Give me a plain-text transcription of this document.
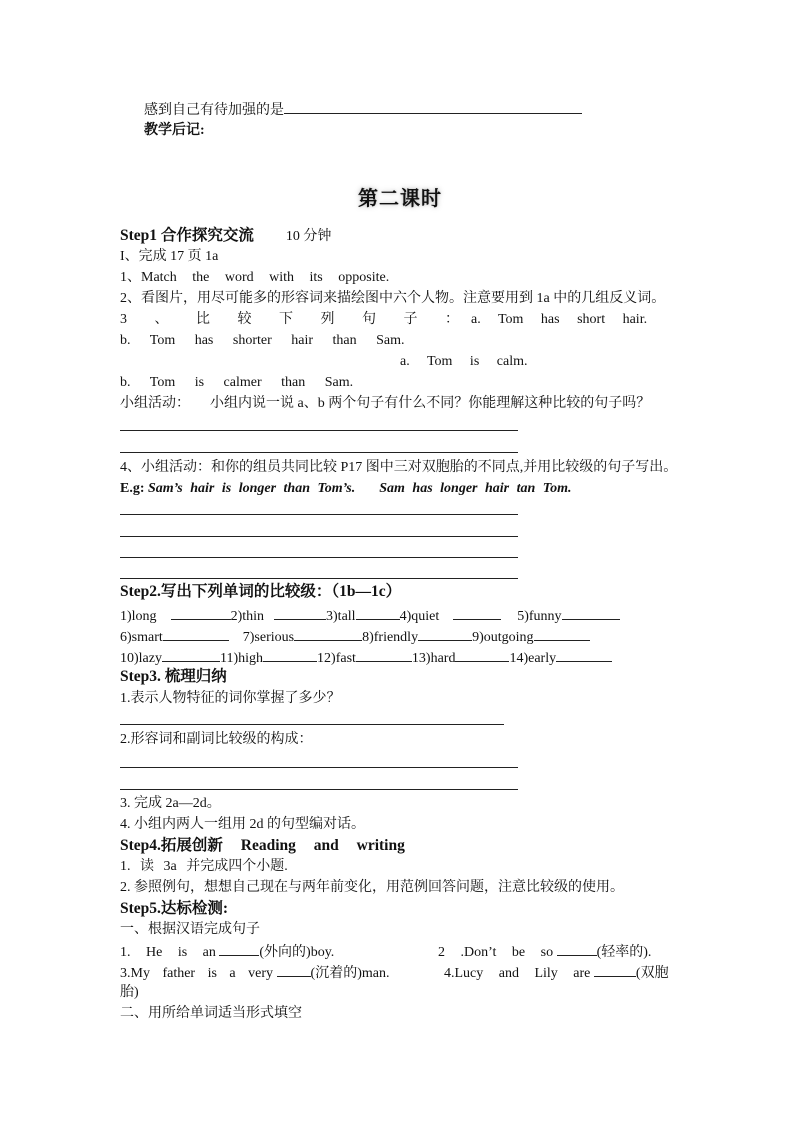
感到自己有待加强的是
教学后记:
第二课时
Step1 合作探究交流 10 分钟
I、完成 17 页 1a
1、Match the word with its opposite.
2、看图片，用尽可能多的形容词来描绘图中六个人物。注意要用到 1a 中的几组反义词。
3 、 比 较 下 列 句 子 ：a. Tom has short hair.
b. Tom has shorter hair than Sam.
a. Tom is calm.
b. Tom is calmer than Sam.
小组活动： 小组内说一说 a、b 两个句子有什么不同？你能理解这种比较的句子吗？
4、小组活动：和你的组员共同比较 P17 图中三对双胞胎的不同点,并用比较级的句子写出。
E.g: Sam’s hair is longer than Tom’s. Sam has longer hair tan Tom.
Step2.写出下列单词的比较级：（1b—1c）
1)long	2)thin	3)tall	4)quiet	5)funny
6)smart	7)serious	8)friendly	9)outgoing
10)lazy	11)high	12)fast	13)hard	14)early
Step3. 梳理归纳
1.表示人物特征的词你掌握了多少？
2.形容词和副词比较级的构成：
3. 完成 2a—2d。
4. 小组内两人一组用 2d 的句型编对话。
Step4.拓展创新 Reading and writing
1. 读 3a 并完成四个小题.
2. 参照例句，想想自己现在与两年前变化，用范例回答问题，注意比较级的使用。
Step5.达标检测:
一、根据汉语完成句子
1. He is an	(外向的)boy.	2 .Don’t be so	(轻率的).
3.My father is a very	(沉着的)man.	4.Lucy and Lily are	(双胞
胎)
二、用所给单词适当形式填空
